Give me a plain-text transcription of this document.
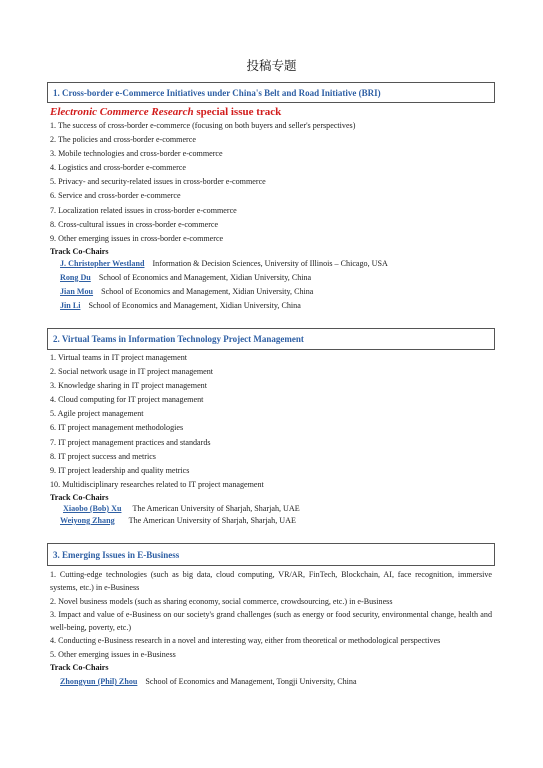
投稿专题
1. Cross-border e-Commerce Initiatives under China's Belt and Road Initiative (BRI)
Electronic Commerce Research special issue track
1. The success of cross-border e-commerce (focusing on both buyers and seller's perspectives)
2. The policies and cross-border e-commerce
3. Mobile technologies and cross-border e-commerce
4. Logistics and cross-border e-commerce
5. Privacy- and security-related issues in cross-border e-commerce
6. Service and cross-border e-commerce
7. Localization related issues in cross-border e-commerce
8. Cross-cultural issues in cross-border e-commerce
9. Other emerging issues in cross-border e-commerce
Track Co-Chairs
J. Christopher Westland Information & Decision Sciences, University of Illinois – Chicago, USA
Rong Du School of Economics and Management, Xidian University, China
Jian Mou School of Economics and Management, Xidian University, China
Jin Li School of Economics and Management, Xidian University, China
2. Virtual Teams in Information Technology Project Management
1. Virtual teams in IT project management
2. Social network usage in IT project management
3. Knowledge sharing in IT project management
4. Cloud computing for IT project management
5. Agile project management
6. IT project management methodologies
7. IT project management practices and standards
8. IT project success and metrics
9. IT project leadership and quality metrics
10. Multidisciplinary researches related to IT project management
Track Co-Chairs
Xiaobo (Bob) Xu The American University of Sharjah, Sharjah, UAE
Weiyong Zhang The American University of Sharjah, Sharjah, UAE
3. Emerging Issues in E-Business
1. Cutting-edge technologies (such as big data, cloud computing, VR/AR, FinTech, Blockchain, AI, face recognition, immersive systems, etc.) in e-Business
2. Novel business models (such as sharing economy, social commerce, crowdsourcing, etc.) in e-Business
3. Impact and value of e-Business on our society's grand challenges (such as energy or food security, environmental change, health and well-being, poverty, etc.)
4. Conducting e-Business research in a novel and interesting way, either from theoretical or methodological perspectives
5. Other emerging issues in e-Business
Track Co-Chairs
Zhongyun (Phil) Zhou School of Economics and Management, Tongji University, China
